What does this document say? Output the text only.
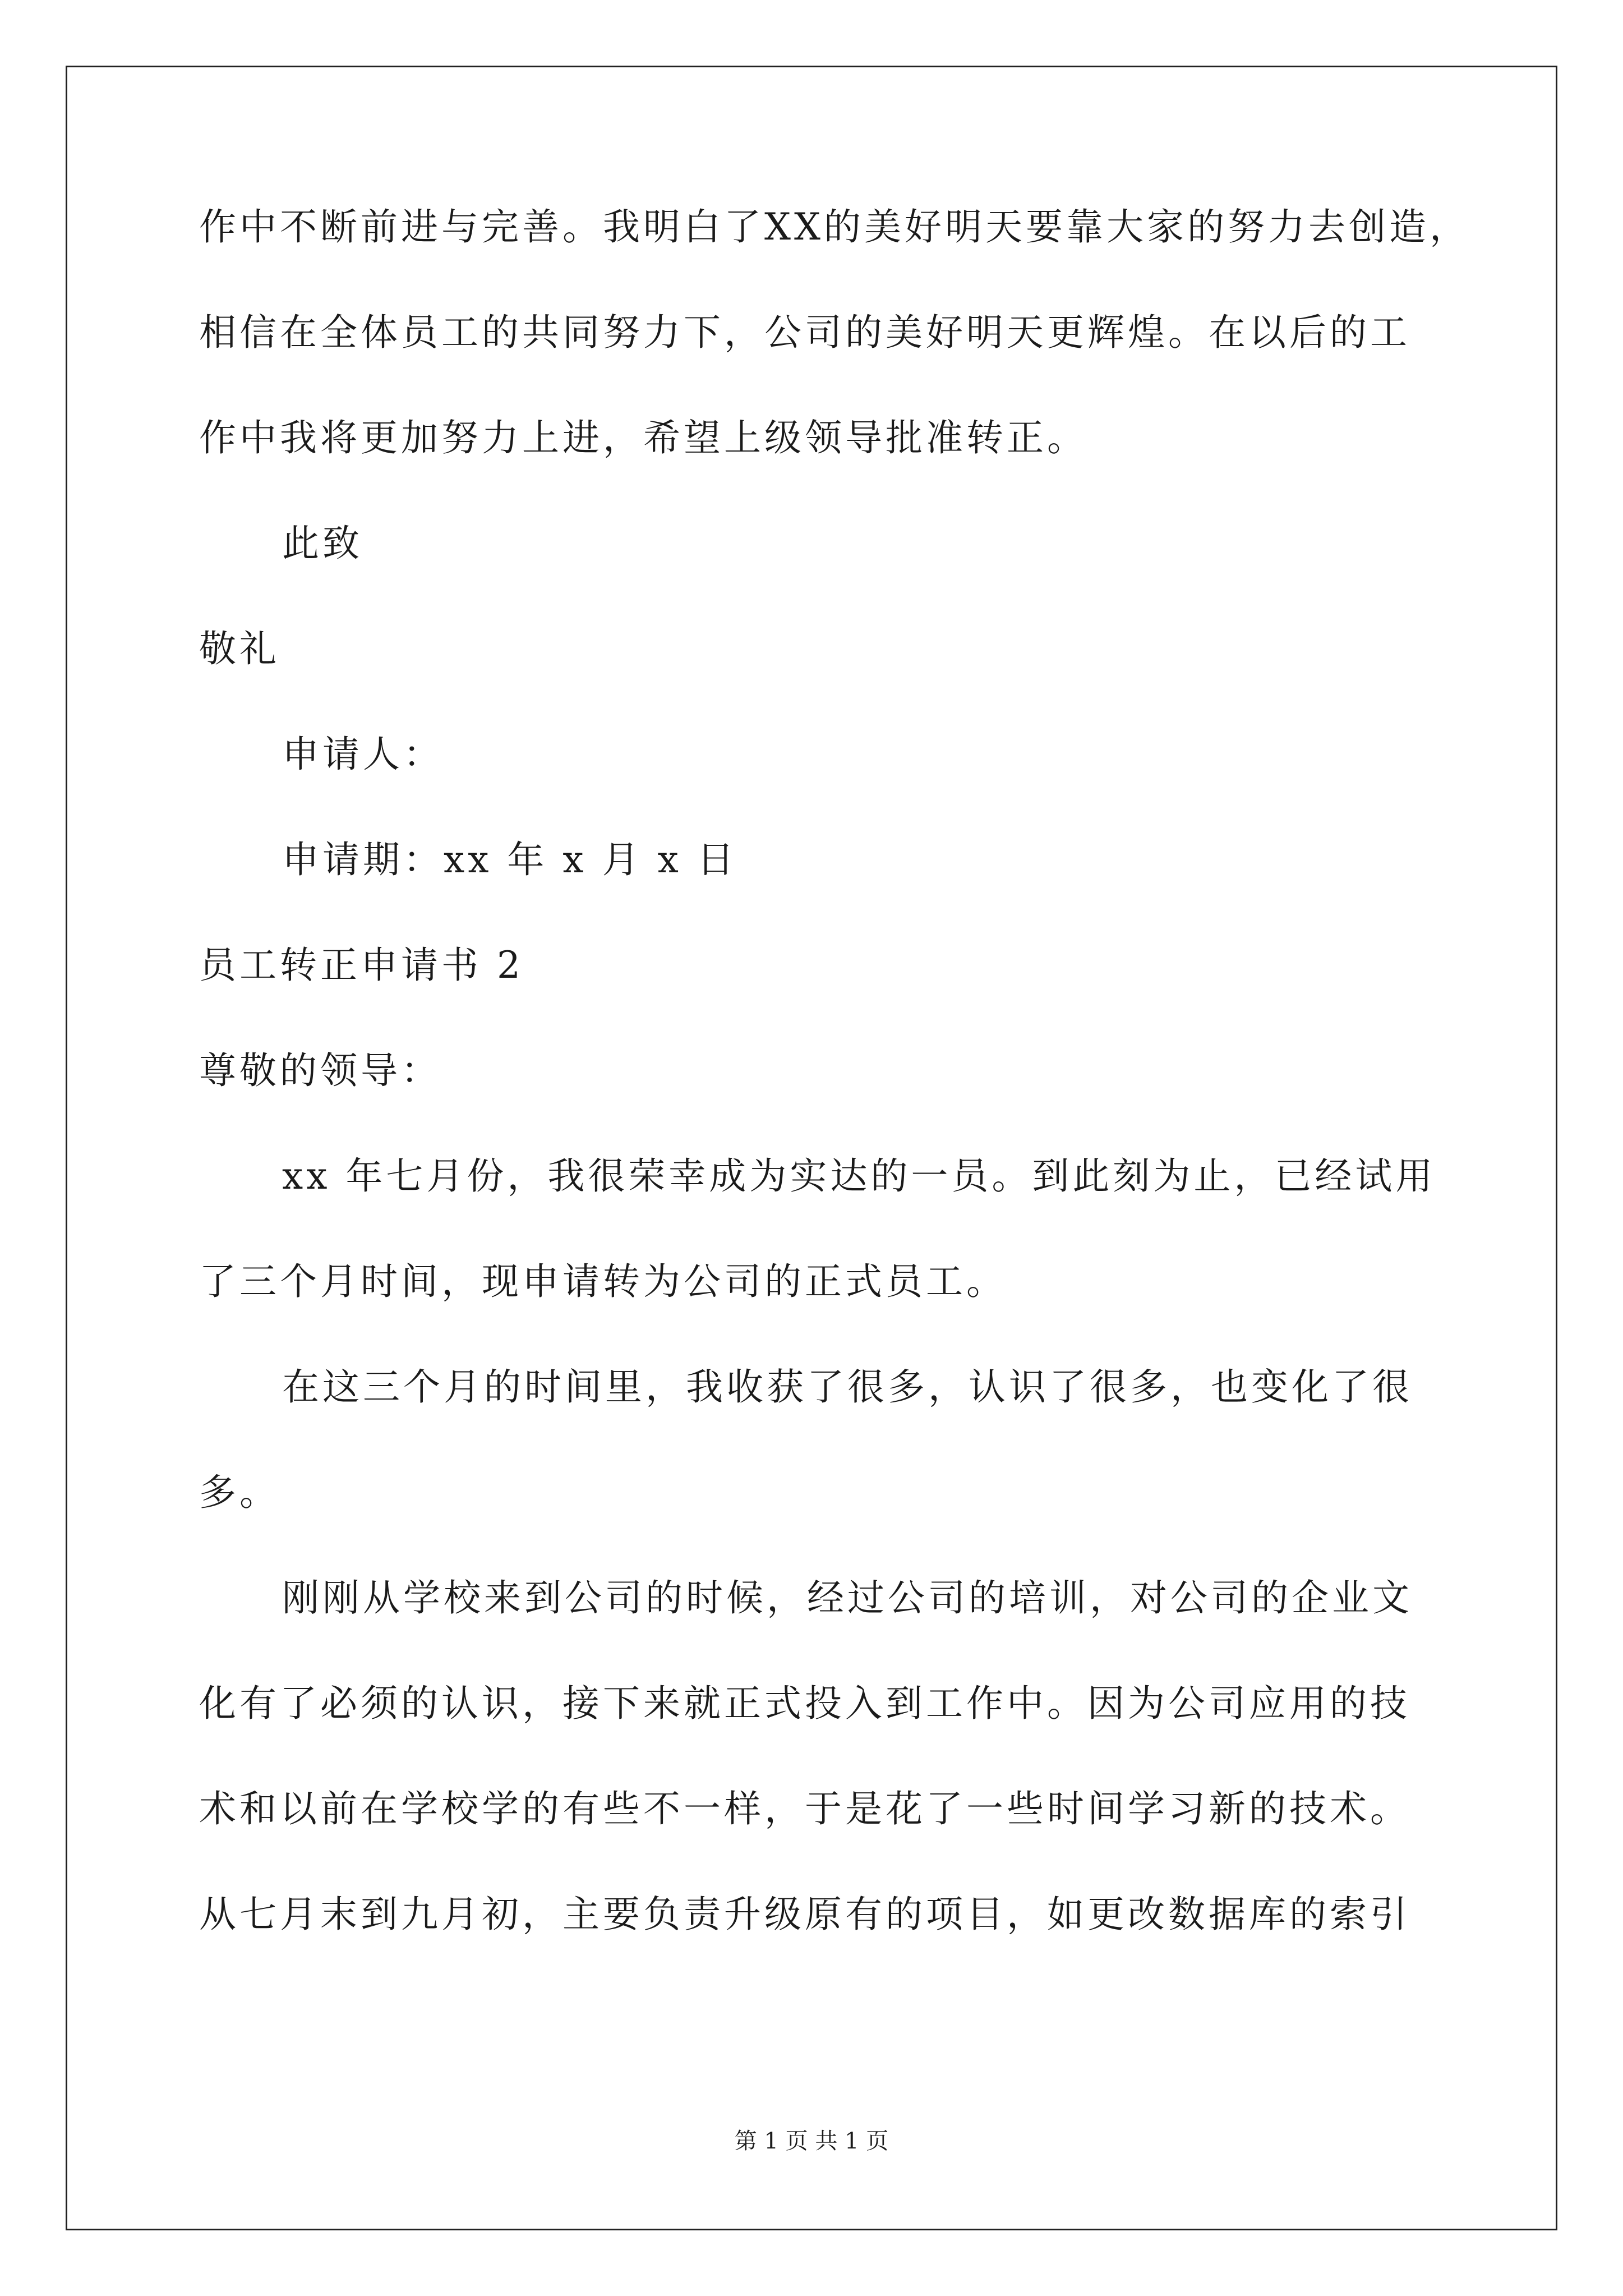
作中不断前进与完善。我明白了XX的美好明天要靠大家的努力去创造，
相信在全体员工的共同努力下，公司的美好明天更辉煌。在以后的工
作中我将更加努力上进，希望上级领导批准转正。
此致
敬礼
申请人：
申请期：xx 年 x 月 x 日
员工转正申请书 2
尊敬的领导：
xx 年七月份，我很荣幸成为实达的一员。到此刻为止，已经试用
了三个月时间，现申请转为公司的正式员工。
在这三个月的时间里，我收获了很多，认识了很多，也变化了很
多。
刚刚从学校来到公司的时候，经过公司的培训，对公司的企业文
化有了必须的认识，接下来就正式投入到工作中。因为公司应用的技
术和以前在学校学的有些不一样，于是花了一些时间学习新的技术。
从七月末到九月初，主要负责升级原有的项目，如更改数据库的索引
第 1 页 共 1 页
